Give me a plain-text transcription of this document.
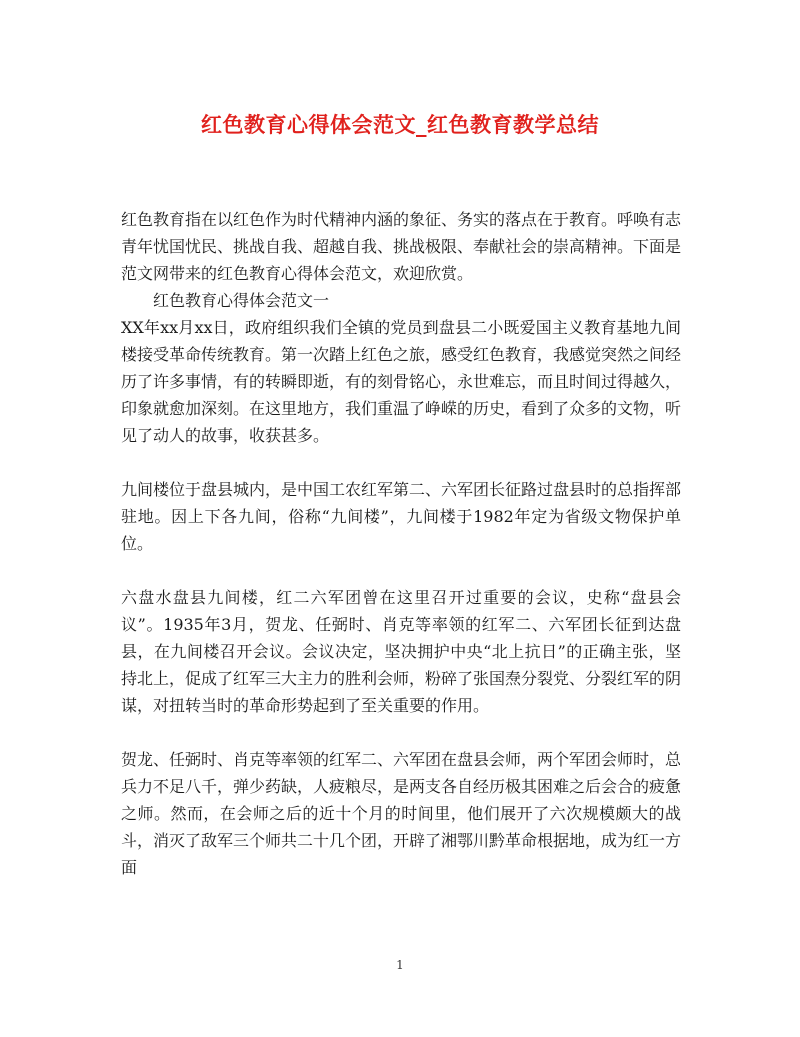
红色教育心得体会范文_红色教育教学总结

红色教育指在以红色作为时代精神内涵的象征、务实的落点在于教育。呼唤有志青年忧国忧民、挑战自我、超越自我、挑战极限、奉献社会的崇高精神。下面是范文网带来的红色教育心得体会范文，欢迎欣赏。

红色教育心得体会范文一

XX年xx月xx日，政府组织我们全镇的党员到盘县二小既爱国主义教育基地九间楼接受革命传统教育。第一次踏上红色之旅，感受红色教育，我感觉突然之间经历了许多事情，有的转瞬即逝，有的刻骨铭心，永世难忘，而且时间过得越久，印象就愈加深刻。在这里地方，我们重温了峥嵘的历史，看到了众多的文物，听见了动人的故事，收获甚多。

九间楼位于盘县城内，是中国工农红军第二、六军团长征路过盘县时的总指挥部驻地。因上下各九间，俗称“九间楼”，九间楼于1982年定为省级文物保护单位。

六盘水盘县九间楼，红二六军团曾在这里召开过重要的会议，史称“盘县会议”。1935年3月，贺龙、任弼时、肖克等率领的红军二、六军团长征到达盘县，在九间楼召开会议。会议决定，坚决拥护中央“北上抗日”的正确主张，坚持北上，促成了红军三大主力的胜利会师，粉碎了张国焘分裂党、分裂红军的阴谋，对扭转当时的革命形势起到了至关重要的作用。

贺龙、任弼时、肖克等率领的红军二、六军团在盘县会师，两个军团会师时，总兵力不足八千，弹少药缺，人疲粮尽，是两支各自经历极其困难之后会合的疲惫之师。然而，在会师之后的近十个月的时间里，他们展开了六次规模颇大的战斗，消灭了敌军三个师共二十几个团，开辟了湘鄂川黔革命根据地，成为红一方面

1
